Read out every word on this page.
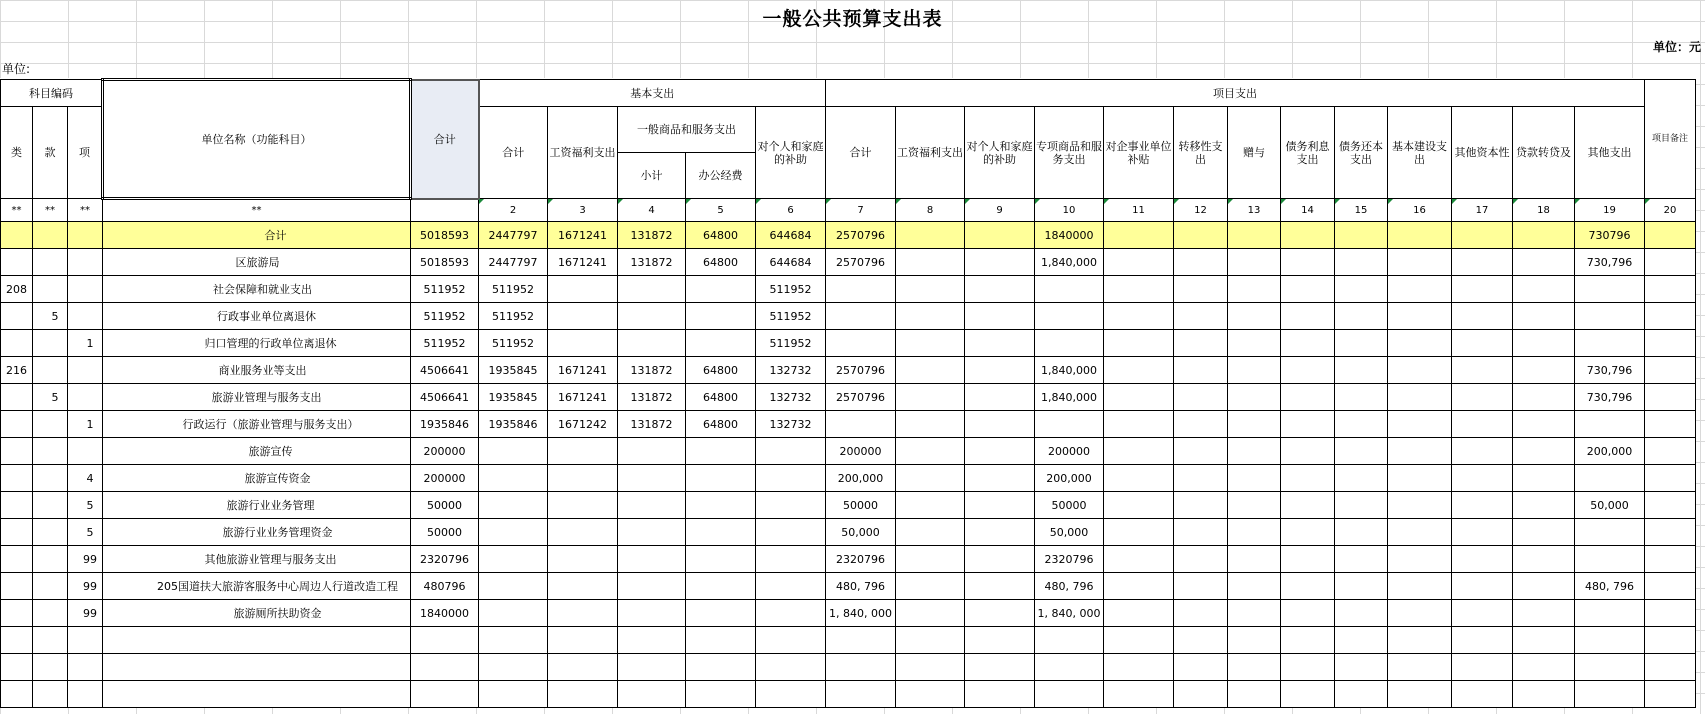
一般公共预算支出表
单位:
单位：元
科目编码			单位名称（功能科目）	合计	基本支出					项目支出													项目备注
类	款	项			合计	工资福利支出	一般商品和服务支出		对个人和家庭的补助	合计	工资福利支出	对个人和家庭的补助	专项商品和服务支出	对企事业单位补贴	转移性支出	赠与	债务利息支出	债务还本支出	基本建设支出	其他资本性	贷款转贷及	其他支出	
							小计	办公经费															
**	**	**	**		2	3	4	5	6	7	8	9	10	11	12	13	14	15	16	17	18	19	20
			合计	5018593	2447797	1671241	131872	64800	644684	2570796			1840000									730796	
			区旅游局	5018593	2447797	1671241	131872	64800	644684	2570796			1,840,000									730,796	
208			社会保障和就业支出	511952	511952				511952														
	5		行政事业单位离退休	511952	511952				511952														
		1	归口管理的行政单位离退休	511952	511952				511952														
216			商业服务业等支出	4506641	1935845	1671241	131872	64800	132732	2570796			1,840,000									730,796	
	5		旅游业管理与服务支出	4506641	1935845	1671241	131872	64800	132732	2570796			1,840,000									730,796	
		1	行政运行（旅游业管理与服务支出）	1935846	1935846	1671242	131872	64800	132732														
			旅游宣传	200000						200000			200000									200,000	
		4	旅游宣传资金	200000						200,000			200,000										
		5	旅游行业业务管理	50000						50000			50000									50,000	
		5	旅游行业业务管理资金	50000						50,000			50,000										
		99	其他旅游业管理与服务支出	2320796						2320796			2320796										
		99	205国道扶大旅游客服务中心周边人行道改造工程	480796						480, 796			480, 796									480, 796	
		99	旅游厕所扶助资金	1840000						1, 840, 000			1, 840, 000										
